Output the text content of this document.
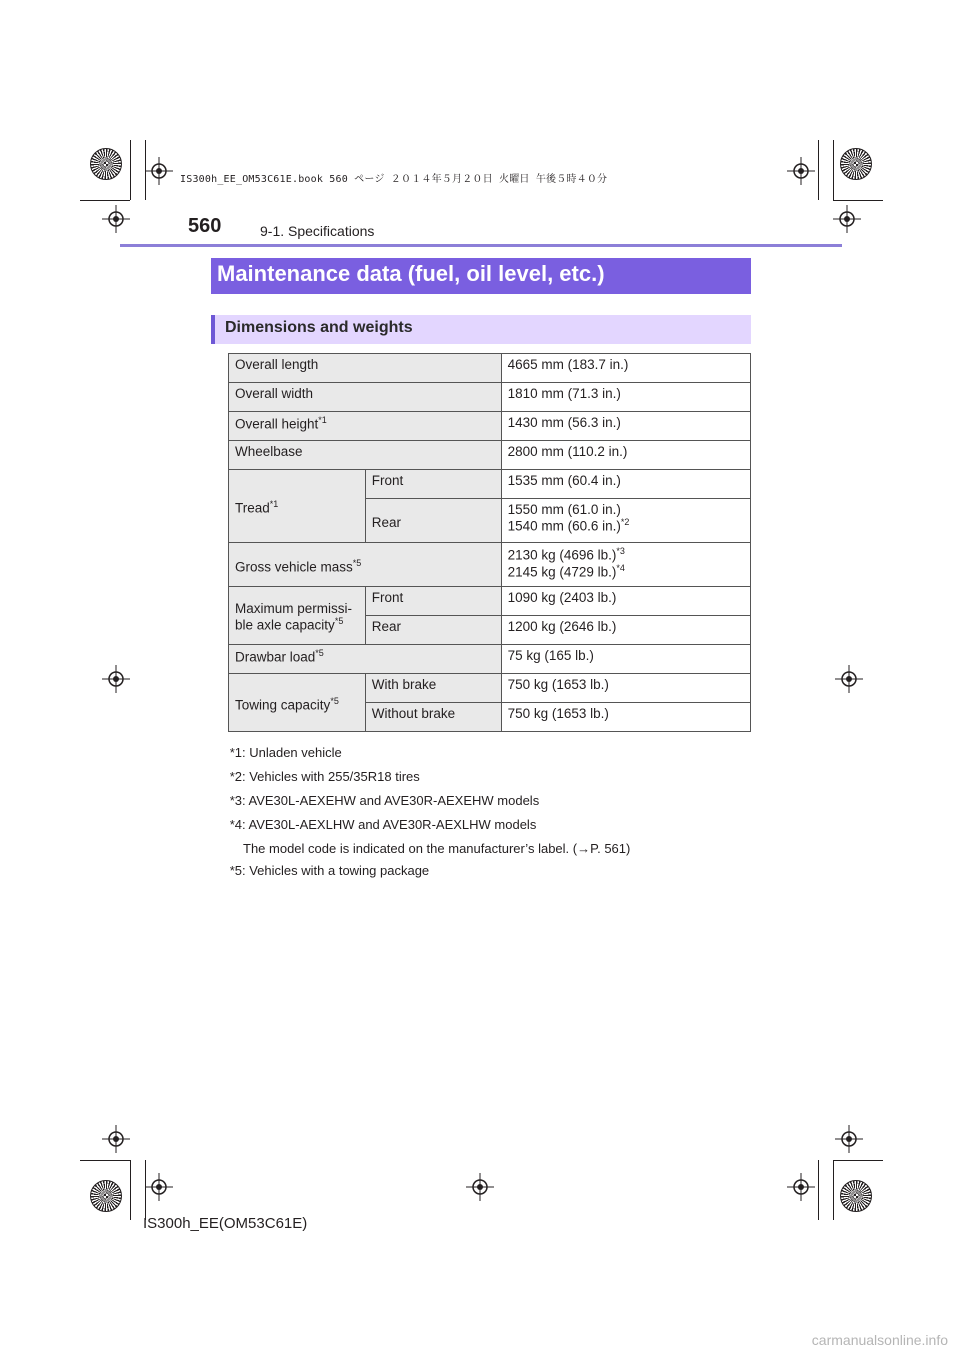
IS300h_EE_OM53C61E.book 560 ページ ２０１４年５月２０日 火曜日 午後５時４０分
560	9-1. Specifications
Maintenance data (fuel, oil level, etc.)
Dimensions and weights
Overall length		4665 mm (183.7 in.)
Overall width		1810 mm (71.3 in.)
Overall height$^{*1}$		1430 mm (56.3 in.)
Wheelbase		2800 mm (110.2 in.)
Tread$^{*1}$	Front	1535 mm (60.4 in.)
	Rear	1550 mm (61.0 in.)
1540 mm (60.6 in.)$^{*2}$
Gross vehicle mass$^{*5}$		2130 kg (4696 lb.)$^{*3}$
2145 kg (4729 lb.)$^{*4}$
Maximum permissi-
ble axle capacity$^{*5}$	Front	1090 kg (2403 lb.)
	Rear	1200 kg (2646 lb.)
Drawbar load$^{*5}$		75 kg (165 lb.)
Towing capacity$^{*5}$	With brake	750 kg (1653 lb.)
	Without brake	750 kg (1653 lb.)
*1 : Unladen vehicle
*2 : Vehicles with 255/35R18 tires
*3 : AVE30L-AEXEHW and AVE30R-AEXEHW models
*4 : AVE30L-AEXLHW and AVE30R-AEXLHW models
The model code is indicated on the manufacturer’s label. (→P. 561)
*5 : Vehicles with a towing package
IS300h_EE(OM53C61E)
carmanualsonline.info
